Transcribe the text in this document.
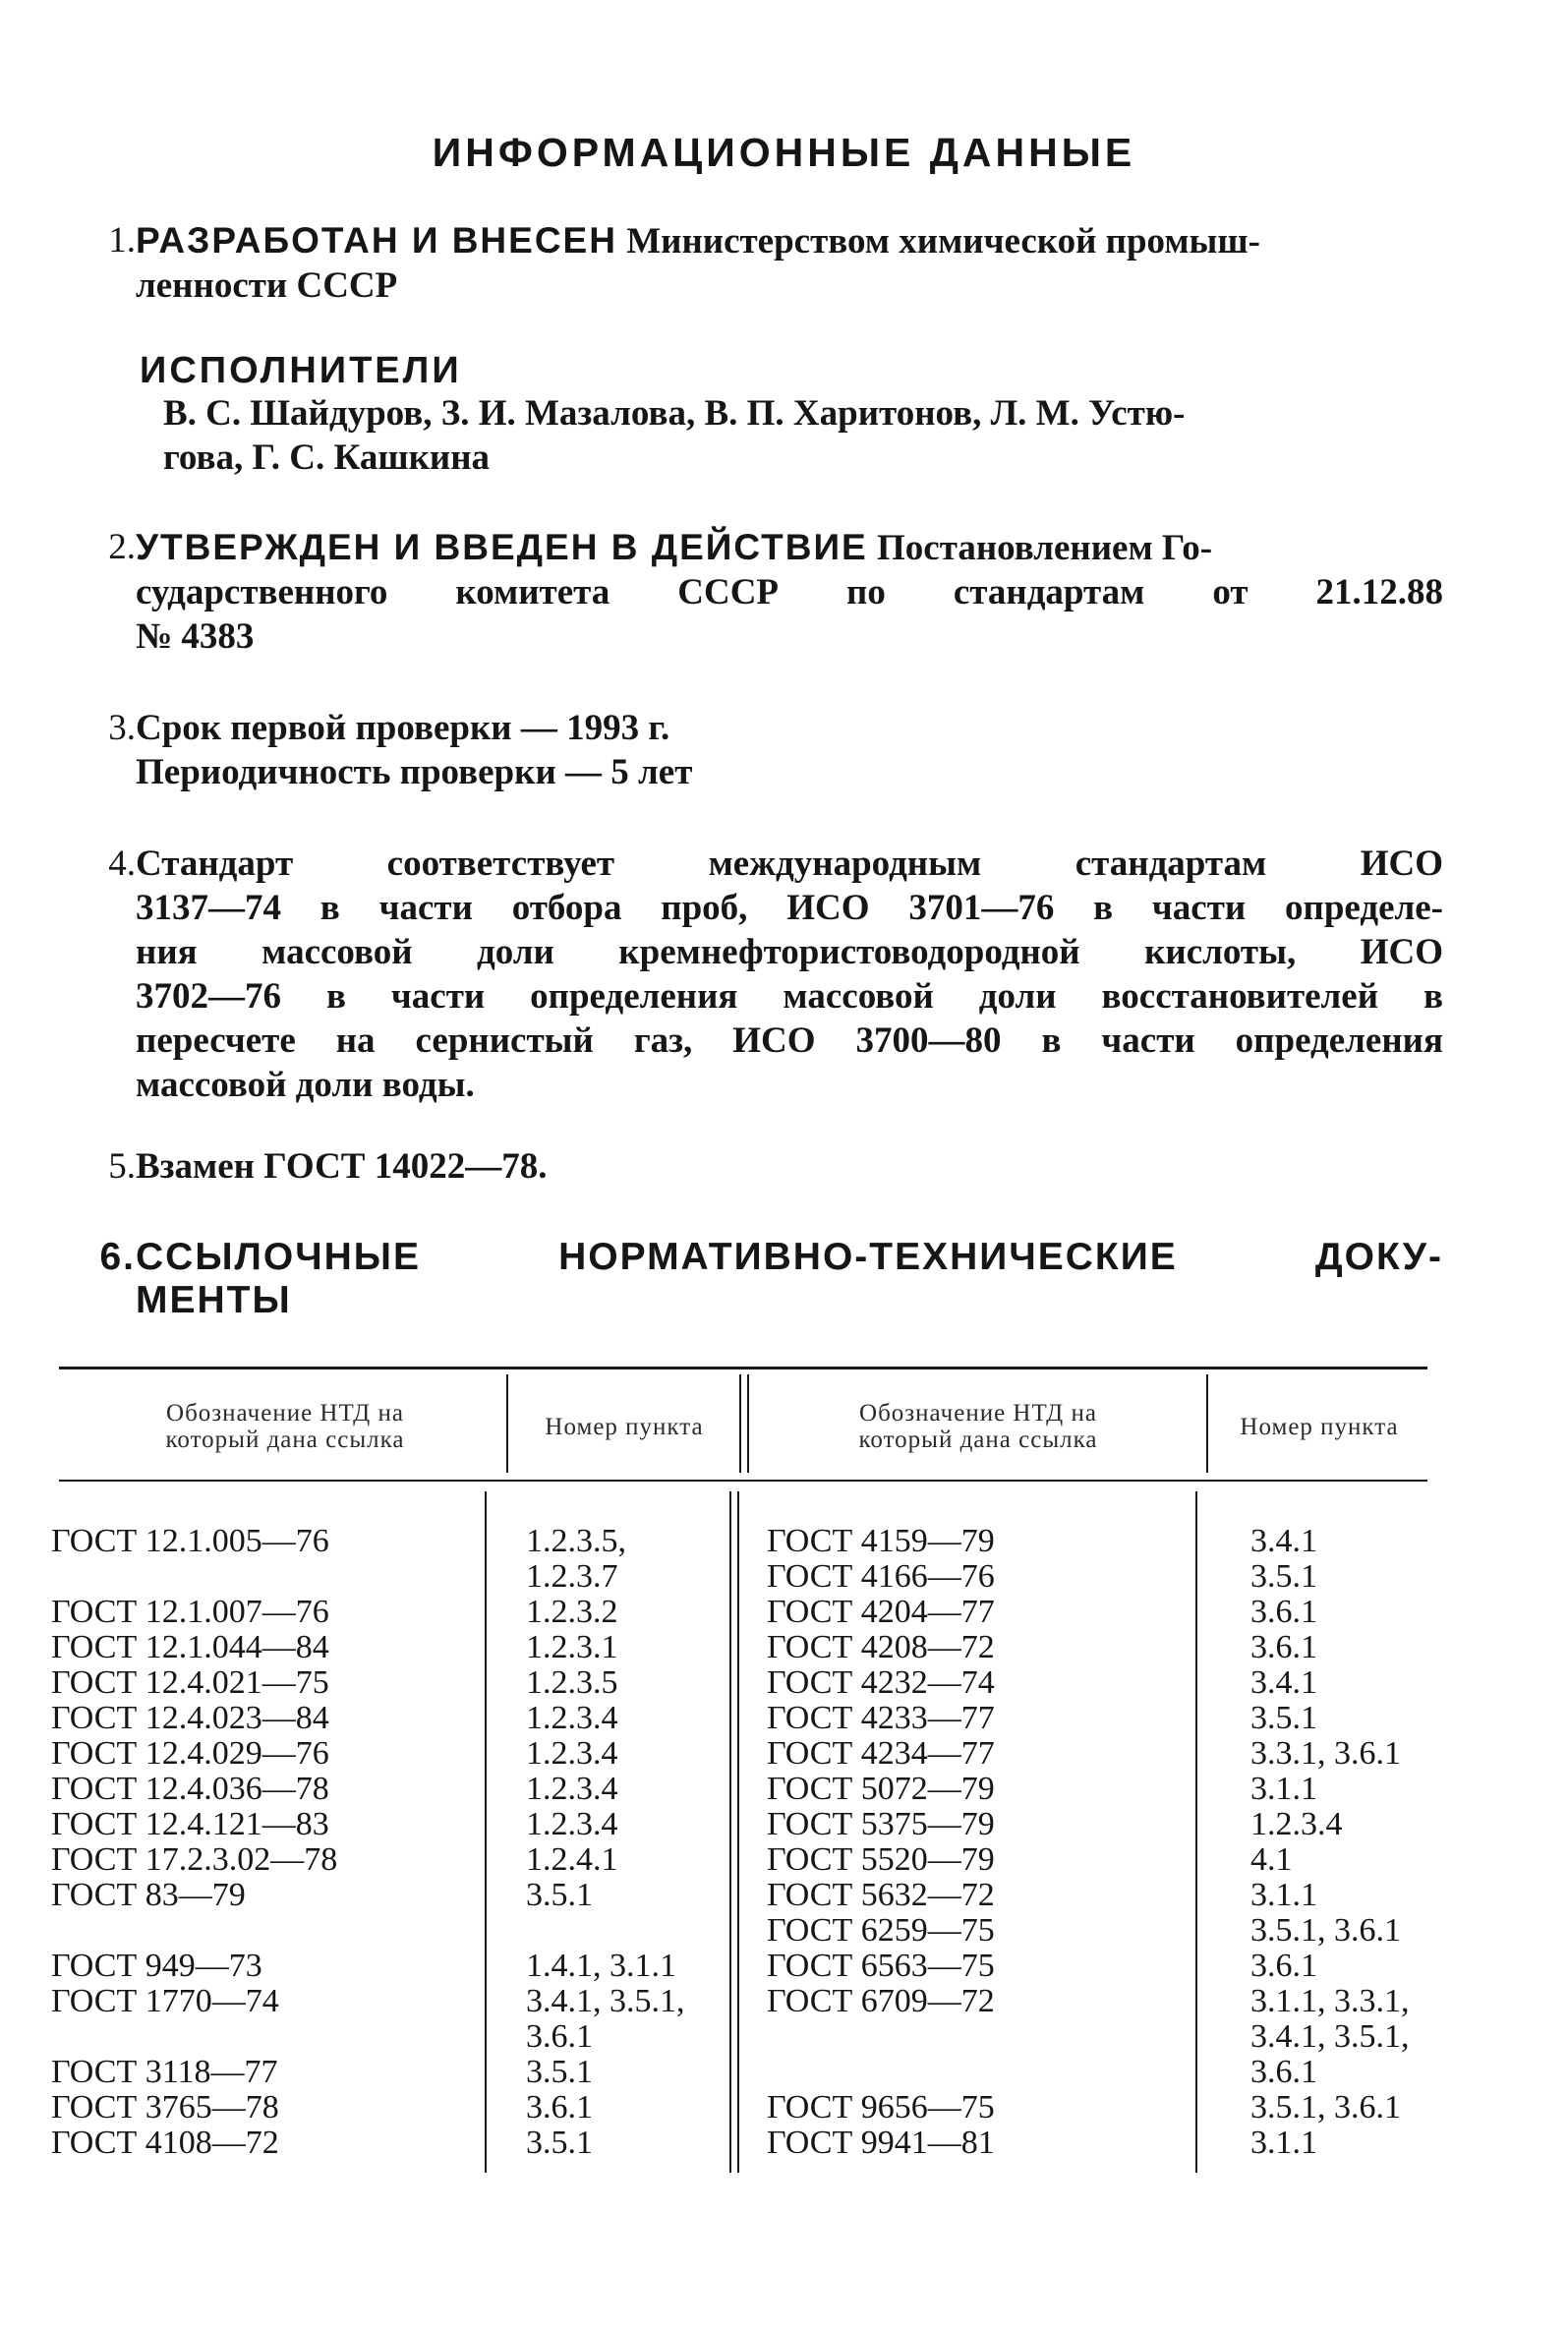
ИНФОРМАЦИОННЫЕ ДАННЫЕ
1. РАЗРАБОТАН И ВНЕСЕН Министерством химической промыш-

ленности СССР

ИСПОЛНИТЕЛИ

В. С. Шайдуров, З. И. Мазалова, В. П. Харитонов, Л. М. Устю-

гова, Г. С. Кашкина

2. УТВЕРЖДЕН И ВВЕДЕН В ДЕЙСТВИЕ Постановлением Го-

сударственного комитета СССР по стандартам от 21.12.88

№ 4383

3. Срок первой проверки — 1993 г.

Периодичность проверки — 5 лет

4. Стандарт соответствует международным стандартам ИСО

3137—74 в части отбора проб, ИСО 3701—76 в части определе-

ния массовой доли кремнефтористоводородной кислоты, ИСО

3702—76 в части определения массовой доли восстановителей в

пересчете на сернистый газ, ИСО 3700—80 в части определения

массовой доли воды.

5. Взамен ГОСТ 14022—78.

6. ССЫЛОЧНЫЕ НОРМАТИВНО-ТЕХНИЧЕСКИЕ ДОКУ-

МЕНТЫ

Обозначение НТД на
который дана ссылка	Номер пункта
Обозначение НТД на
который дана ссылка	Номер пункта
ГОСТ 12.1.005—76
ГОСТ 12.1.007—76
ГОСТ 12.1.044—84
ГОСТ 12.4.021—75
ГОСТ 12.4.023—84
ГОСТ 12.4.029—76
ГОСТ 12.4.036—78
ГОСТ 12.4.121—83
ГОСТ 17.2.3.02—78
ГОСТ 83—79
ГОСТ 949—73
ГОСТ 1770—74
ГОСТ 3118—77
ГОСТ 3765—78
ГОСТ 4108—72
1.2.3.5,
1.2.3.7
1.2.3.2
1.2.3.1
1.2.3.5
1.2.3.4
1.2.3.4
1.2.3.4
1.2.3.4
1.2.4.1
3.5.1
1.4.1, 3.1.1
3.4.1, 3.5.1,
3.6.1
3.5.1
3.6.1
3.5.1
ГОСТ 4159—79
ГОСТ 4166—76
ГОСТ 4204—77
ГОСТ 4208—72
ГОСТ 4232—74
ГОСТ 4233—77
ГОСТ 4234—77
ГОСТ 5072—79
ГОСТ 5375—79
ГОСТ 5520—79
ГОСТ 5632—72
ГОСТ 6259—75
ГОСТ 6563—75
ГОСТ 6709—72
ГОСТ 9656—75
ГОСТ 9941—81
3.4.1
3.5.1
3.6.1
3.6.1
3.4.1
3.5.1
3.3.1, 3.6.1
3.1.1
1.2.3.4
4.1
3.1.1
3.5.1, 3.6.1
3.6.1
3.1.1, 3.3.1,
3.4.1, 3.5.1,
3.6.1
3.5.1, 3.6.1
3.1.1
